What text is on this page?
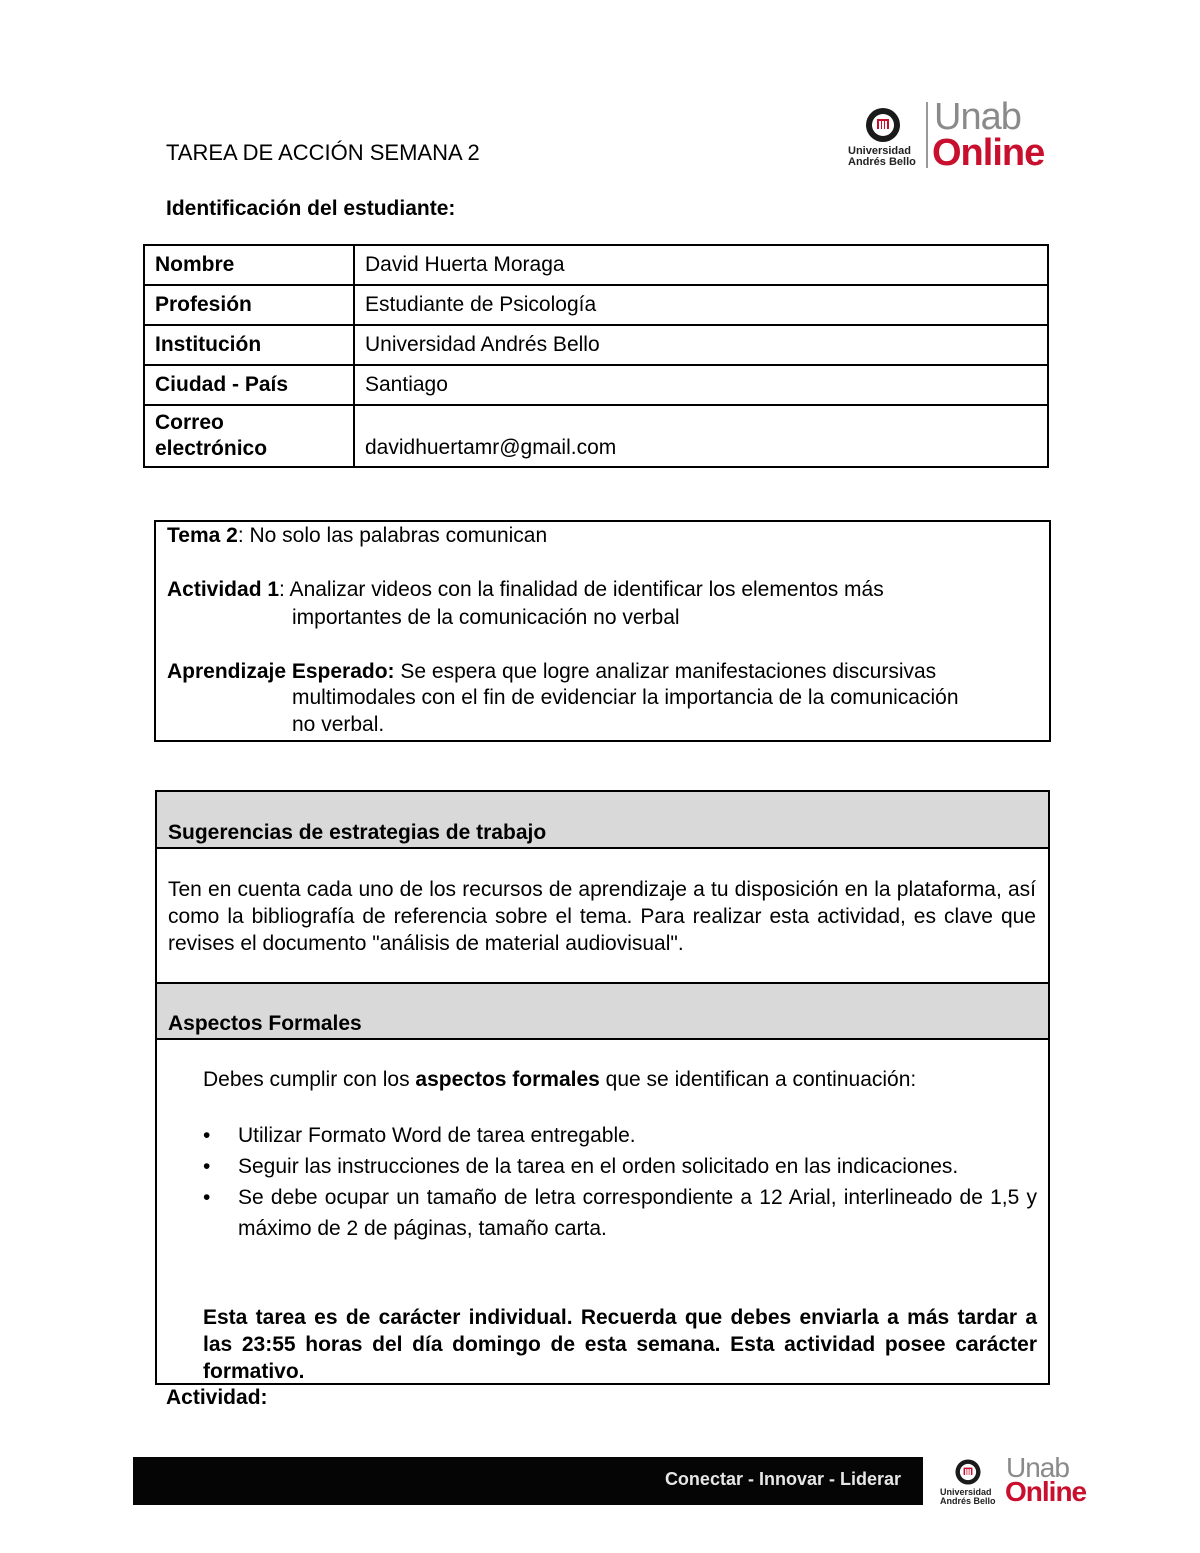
TAREA DE ACCIÓN SEMANA 2	Universidad
Andrés Bello
Unab
Online
Identificación del estudiante:
Nombre	David Huerta Moraga
Profesión	Estudiante de Psicología
Institución	Universidad Andrés Bello
Ciudad - País	Santiago
Correo
electrónico	davidhuertamr@gmail.com

Tema 2: No solo las palabras comunican

Actividad 1: Analizar videos con la finalidad de identificar los elementos más

importantes de la comunicación no verbal

Aprendizaje Esperado: Se espera que logre analizar manifestaciones discursivas

multimodales con el fin de evidenciar la importancia de la comunicación

no verbal.

Sugerencias de estrategias de trabajo
Ten en cuenta cada uno de los recursos de aprendizaje a tu disposición en la plataforma, así como la bibliografía de referencia sobre el tema. Para realizar esta actividad, es clave que revises el documento "análisis de material audiovisual".
Aspectos Formales
Debes cumplir con los aspectos formales que se identifican a continuación:
• Utilizar Formato Word de tarea entregable.
• Seguir las instrucciones de la tarea en el orden solicitado en las indicaciones.
• Se debe ocupar un tamaño de letra correspondiente a 12 Arial, interlineado de 1,5 y máximo de 2 de páginas, tamaño carta.
Esta tarea es de carácter individual. Recuerda que debes enviarla a más tardar a las 23:55 horas del día domingo de esta semana. Esta actividad posee carácter formativo.
Actividad:
Conectar - Innovar - Liderar
Universidad
Andrés Bello
Unab
Online
